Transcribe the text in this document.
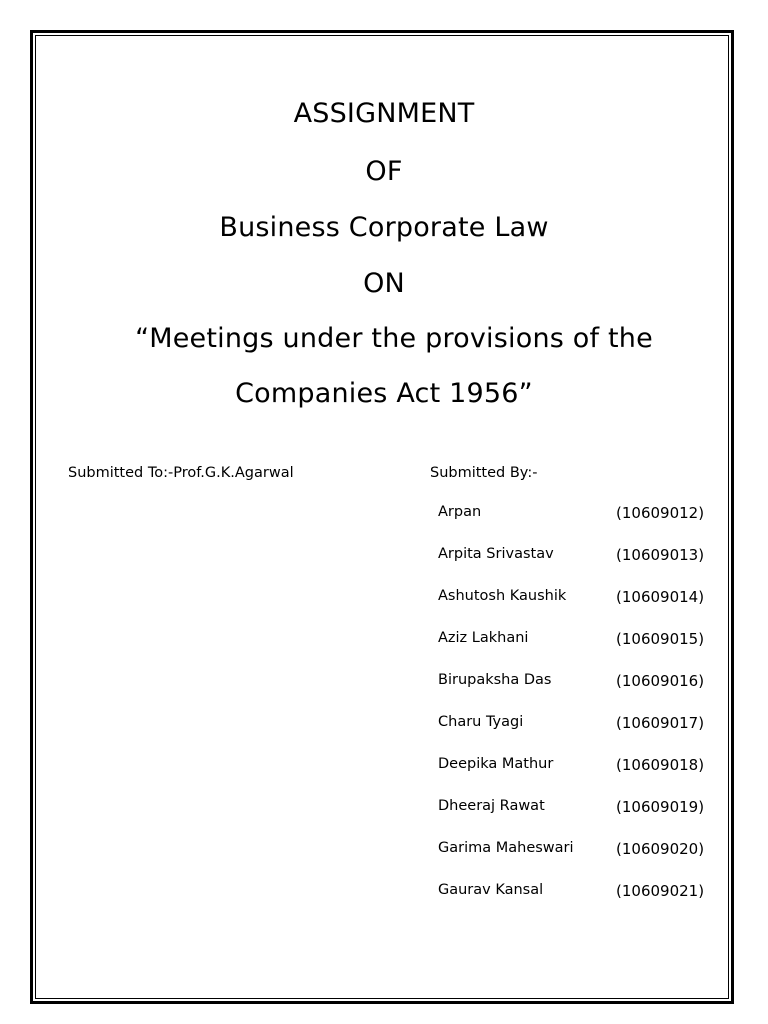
ASSIGNMENT
OF
Business Corporate Law
ON
“Meetings under the provisions of the
Companies Act 1956”
Submitted To:-Prof.G.K.Agarwal	Submitted By:-
Arpan	(10609012)
Arpita Srivastav	(10609013)
Ashutosh Kaushik	(10609014)
Aziz Lakhani	(10609015)
Birupaksha Das	(10609016)
Charu Tyagi	(10609017)
Deepika Mathur	(10609018)
Dheeraj Rawat	(10609019)
Garima Maheswari	(10609020)
Gaurav Kansal	(10609021)
